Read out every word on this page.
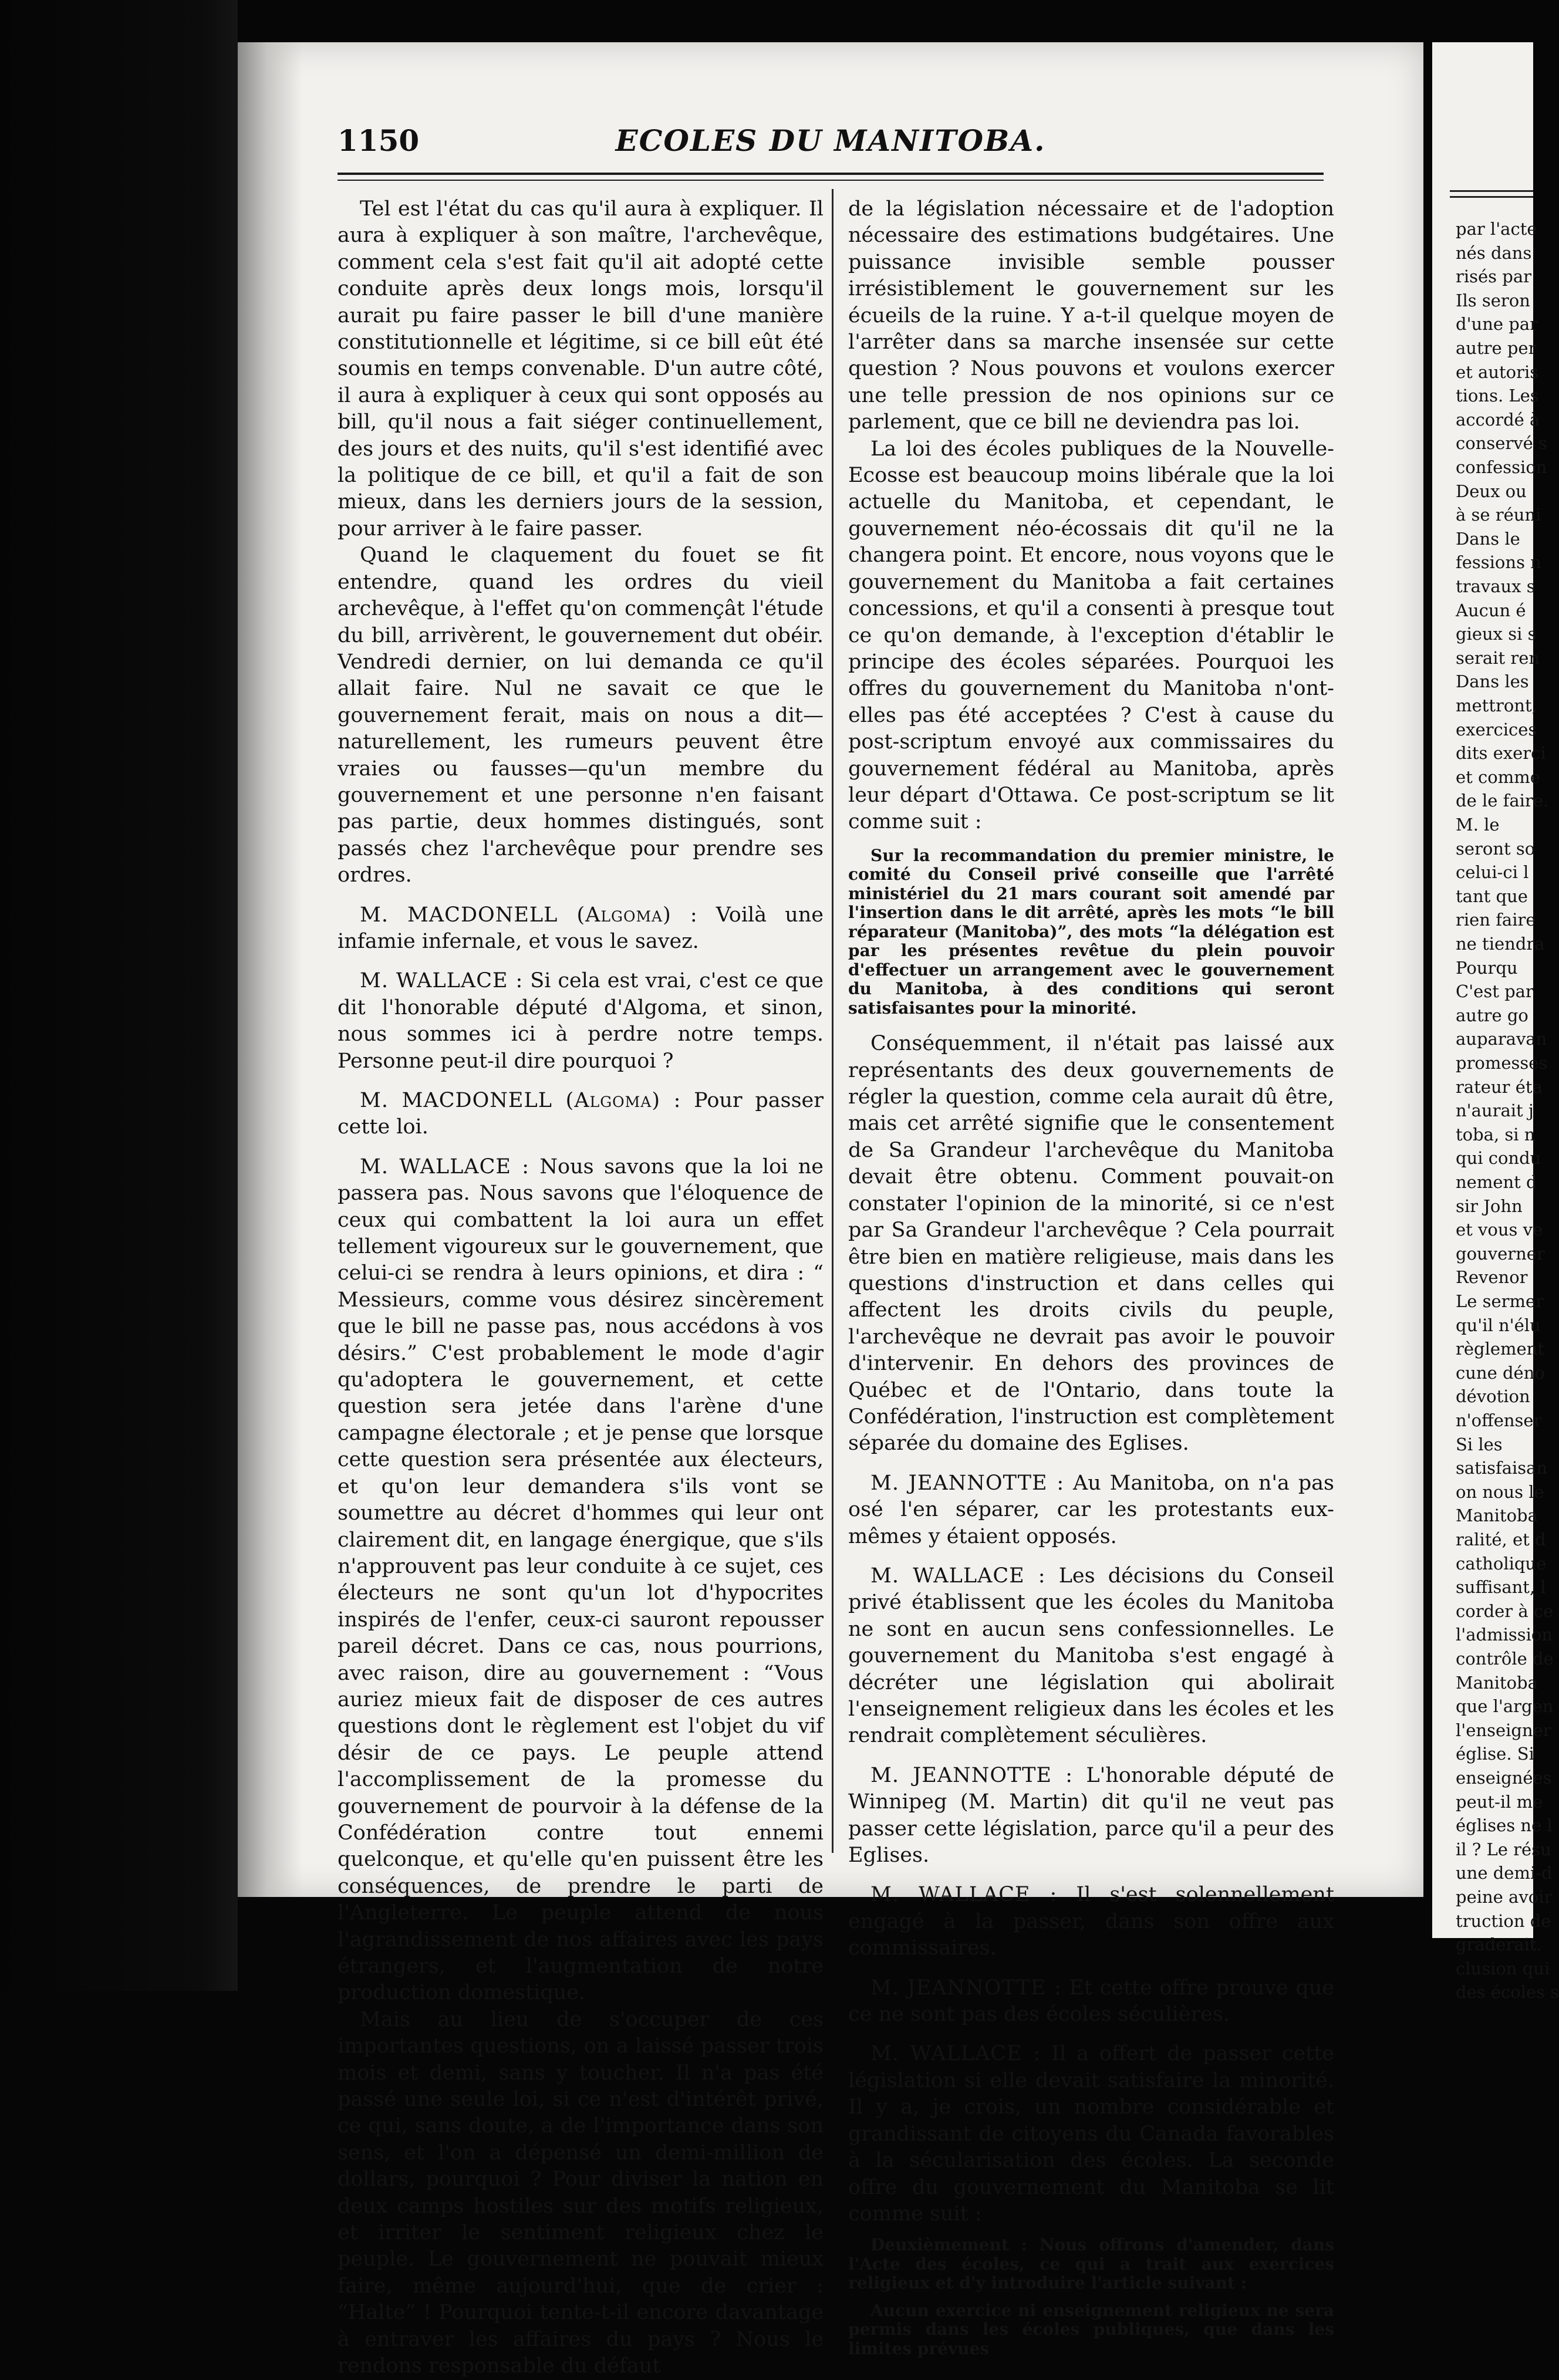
1150	ECOLES DU MANITOBA.

Tel est l'état du cas qu'il aura à expliquer. Il aura à expliquer à son maître, l'archevêque, comment cela s'est fait qu'il ait adopté cette conduite après deux longs mois, lorsqu'il aurait pu faire passer le bill d'une manière constitutionnelle et légitime, si ce bill eût été soumis en temps convenable. D'un autre côté, il aura à expliquer à ceux qui sont opposés au bill, qu'il nous a fait siéger continuellement, des jours et des nuits, qu'il s'est identifié avec la politique de ce bill, et qu'il a fait de son mieux, dans les derniers jours de la session, pour arriver à le faire passer.

Quand le claquement du fouet se fit entendre, quand les ordres du vieil archevêque, à l'effet qu'on commençât l'étude du bill, arrivèrent, le gouvernement dut obéir. Vendredi dernier, on lui demanda ce qu'il allait faire. Nul ne savait ce que le gouvernement ferait, mais on nous a dit—naturellement, les rumeurs peuvent être vraies ou fausses—qu'un membre du gouvernement et une personne n'en faisant pas partie, deux hommes distingués, sont passés chez l'archevêque pour prendre ses ordres.

M. MACDONELL (Algoma) : Voilà une infamie infernale, et vous le savez.

M. WALLACE : Si cela est vrai, c'est ce que dit l'honorable député d'Algoma, et sinon, nous sommes ici à perdre notre temps. Personne peut-il dire pourquoi ?

M. MACDONELL (Algoma) : Pour passer cette loi.

M. WALLACE : Nous savons que la loi ne passera pas. Nous savons que l'éloquence de ceux qui combattent la loi aura un effet tellement vigoureux sur le gouvernement, que celui-ci se rendra à leurs opinions, et dira : “ Messieurs, comme vous désirez sincèrement que le bill ne passe pas, nous accédons à vos désirs.” C'est probablement le mode d'agir qu'adoptera le gouvernement, et cette question sera jetée dans l'arène d'une campagne électorale ; et je pense que lorsque cette question sera présentée aux électeurs, et qu'on leur demandera s'ils vont se soumettre au décret d'hommes qui leur ont clairement dit, en langage énergique, que s'ils n'approuvent pas leur conduite à ce sujet, ces électeurs ne sont qu'un lot d'hypocrites inspirés de l'enfer, ceux-ci sauront repousser pareil décret. Dans ce cas, nous pourrions, avec raison, dire au gouvernement : “Vous auriez mieux fait de disposer de ces autres questions dont le règlement est l'objet du vif désir de ce pays. Le peuple attend l'accomplissement de la promesse du gouvernement de pourvoir à la défense de la Confédération contre tout ennemi quelconque, et qu'elle qu'en puissent être les conséquences, de prendre le parti de l'Angleterre. Le peuple attend de nous l'agrandissement de nos affaires avec les pays étrangers, et l'augmentation de notre production domestique.

Mais au lieu de s'occuper de ces importantes questions, on a laissé passer trois mois et demi, sans y toucher. Il n'a pas été passé une seule loi, si ce n'est d'intérêt privé, ce qui, sans doute, a de l'importance dans son sens, et l'on a dépensé un demi-million de dollars, pourquoi ? Pour diviser la nation en deux camps hostiles sur des motifs religieux, et irriter le sentiment religieux chez le peuple. Le gouvernement ne pouvait mieux faire, même aujourd'hui, que de crier : “Halte” ! Pourquoi tente-t-il encore davantage à entraver les affaires du pays ? Nous le rendons responsable du défaut

de la législation nécessaire et de l'adoption nécessaire des estimations budgétaires. Une puissance invisible semble pousser irrésistiblement le gouvernement sur les écueils de la ruine. Y a-t-il quelque moyen de l'arrêter dans sa marche insensée sur cette question ? Nous pouvons et voulons exercer une telle pression de nos opinions sur ce parlement, que ce bill ne deviendra pas loi.

La loi des écoles publiques de la Nouvelle-Ecosse est beaucoup moins libérale que la loi actuelle du Manitoba, et cependant, le gouvernement néo-écossais dit qu'il ne la changera point. Et encore, nous voyons que le gouvernement du Manitoba a fait certaines concessions, et qu'il a consenti à presque tout ce qu'on demande, à l'exception d'établir le principe des écoles séparées. Pourquoi les offres du gouvernement du Manitoba n'ont-elles pas été acceptées ? C'est à cause du post-scriptum envoyé aux commissaires du gouvernement fédéral au Manitoba, après leur départ d'Ottawa. Ce post-scriptum se lit comme suit :

Sur la recommandation du premier ministre, le comité du Conseil privé conseille que l'arrêté ministériel du 21 mars courant soit amendé par l'insertion dans le dit arrêté, après les mots “le bill réparateur (Manitoba)”, des mots “la délégation est par les présentes revêtue du plein pouvoir d'effectuer un arrangement avec le gouvernement du Manitoba, à des conditions qui seront satisfaisantes pour la minorité.

Conséquemment, il n'était pas laissé aux représentants des deux gouvernements de régler la question, comme cela aurait dû être, mais cet arrêté signifie que le consentement de Sa Grandeur l'archevêque du Manitoba devait être obtenu. Comment pouvait-on constater l'opinion de la minorité, si ce n'est par Sa Grandeur l'archevêque ? Cela pourrait être bien en matière religieuse, mais dans les questions d'instruction et dans celles qui affectent les droits civils du peuple, l'archevêque ne devrait pas avoir le pouvoir d'intervenir. En dehors des provinces de Québec et de l'Ontario, dans toute la Confédération, l'instruction est complètement séparée du domaine des Eglises.

M. JEANNOTTE : Au Manitoba, on n'a pas osé l'en séparer, car les protestants eux-mêmes y étaient opposés.

M. WALLACE : Les décisions du Conseil privé établissent que les écoles du Manitoba ne sont en aucun sens confessionnelles. Le gouvernement du Manitoba s'est engagé à décréter une législation qui abolirait l'enseignement religieux dans les écoles et les rendrait complètement séculières.

M. JEANNOTTE : L'honorable député de Winnipeg (M. Martin) dit qu'il ne veut pas passer cette législation, parce qu'il a peur des Eglises.

M. WALLACE : Il s'est solennellement engagé à la passer, dans son offre aux commissaires.

M. JEANNOTTE : Et cette offre prouve que ce ne sont pas des écoles séculières.

M. WALLACE : Il a offert de passer cette législation si elle devait satisfaire la minorité. Il y a, je crois, un nombre considérable et grandissant de citoyens du Canada favorables à la sécularisation des écoles. La seconde offre du gouvernement du Manitoba se lit comme suit :

Deuxièmement : Nous offrons d'amender, dans l'Acte des écoles, ce qui a trait aux exercices religieux et d'y introduire l'article suivant :

Aucun exercice ni enseignement religieux ne sera permis dans les écoles publiques, que dans les limites prévues

par l'acte
nés dans
risés par
Ils seron
d'une par
autre per
et autoris
tions. Les
accordé à
conservé s
confession
Deux ou
à se réuni
Dans le
fessions n
travaux s
Aucun é
gieux si s
serait ren
Dans les
mettront,
exercices
dits exerci
et comme
de le faire.
M. le
seront so
celui-ci l
tant que
rien faire
ne tiendra
Pourqu
C'est par
autre go
auparavan
promesses
rateur éta
n'aurait j
toba, si n
qui condu
nement d
sir John
et vous ve
gouverner
Revenor
Le sermer
qu'il n'élu
règlement
cune déno
dévotion
n'offenser
Si les
satisfaisan
on nous le
Manitoba
ralité, et d
catholique
suffisant, l
corder à ce
l'admission
contrôle de
Manitoba
que l'argen
l'enseigner
église. Si
enseignées
peut-il me
églises ne l
il ? Le résu
une demi-d
peine avoir
truction de
graderait.
clusion qui
des écoles s
